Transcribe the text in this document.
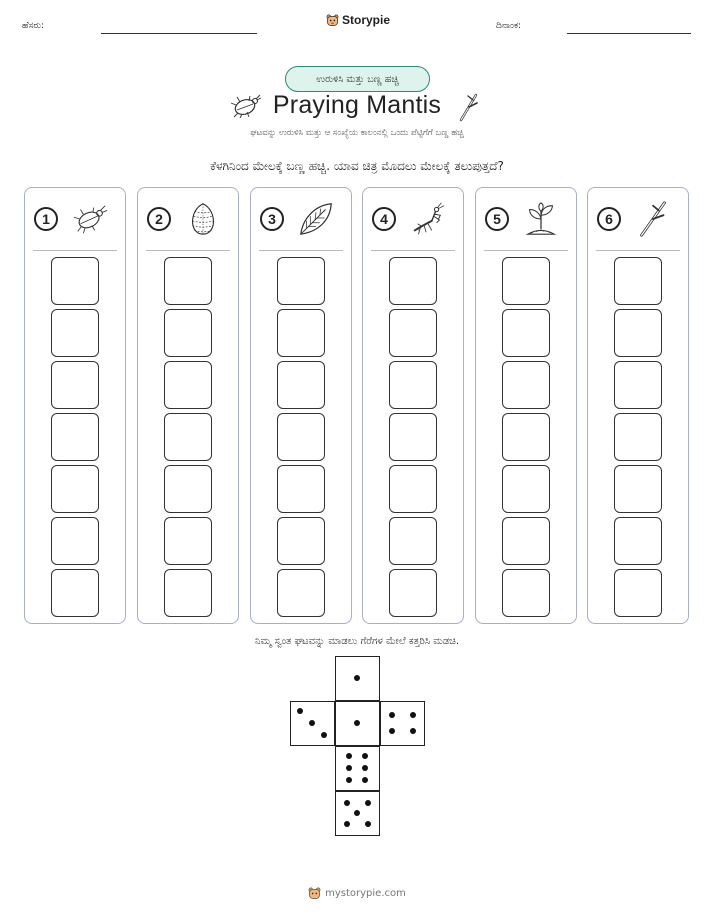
ಹೆಸರು:	Storypie	ದಿನಾಂಕ:
ಉರುಳಿಸಿ ಮತ್ತು ಬಣ್ಣ ಹಚ್ಚಿ
Praying Mantis
ಘಟವನ್ನು ಉರುಳಿಸಿ ಮತ್ತು ಆ ಸಂಖ್ಯೆಯ ಕಾಲಂನಲ್ಲಿ ಒಂದು ಪೆಟ್ಟಿಗೆಗೆ ಬಣ್ಣ ಹಚ್ಚಿ
ಕೆಳಗಿನಿಂದ ಮೇಲಕ್ಕೆ ಬಣ್ಣ ಹಚ್ಚಿ. ಯಾವ ಚಿತ್ರ ಮೊದಲು ಮೇಲಕ್ಕೆ ತಲುಪುತ್ತದೆ?
1	2	3	4	5	6
ನಿಮ್ಮ ಸ್ವಂತ ಘಟವನ್ನು ಮಾಡಲು ಗೆರೆಗಳ ಮೇಲೆ ಕತ್ತರಿಸಿ ಮಡಚಿ.
mystorypie.com
